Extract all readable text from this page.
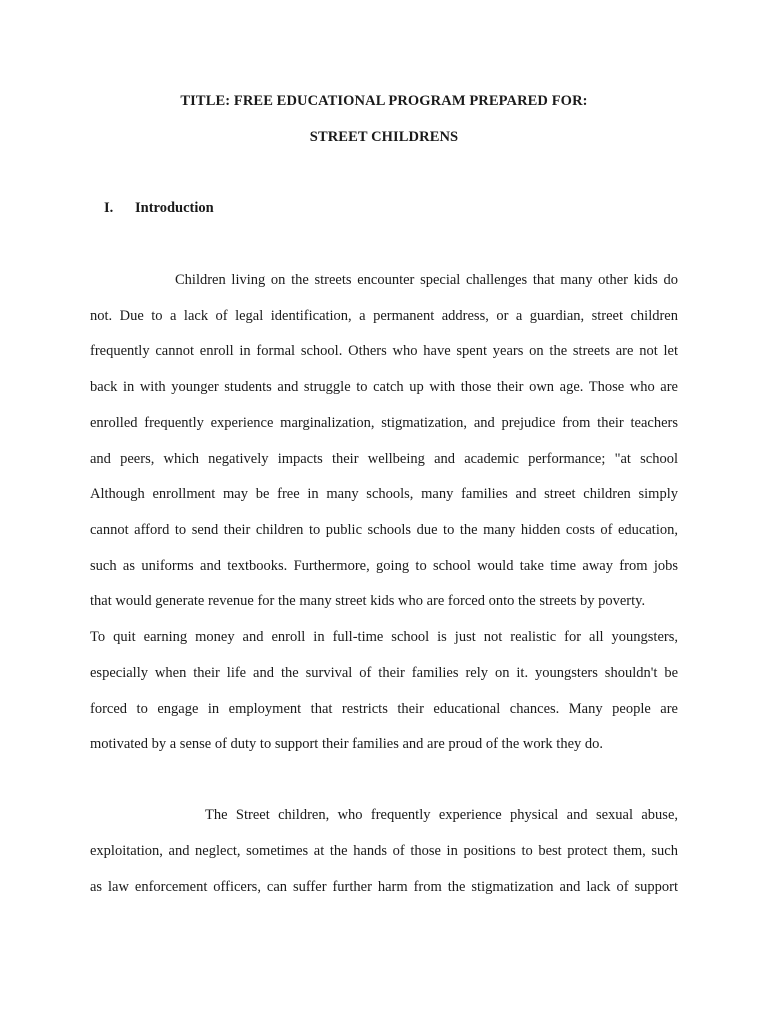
TITLE: FREE EDUCATIONAL PROGRAM PREPARED FOR:
STREET CHILDRENS
I. Introduction
Children living on the streets encounter special challenges that many other kids do
not. Due to a lack of legal identification, a permanent address, or a guardian, street children
frequently cannot enroll in formal school. Others who have spent years on the streets are not let
back in with younger students and struggle to catch up with those their own age. Those who are
enrolled frequently experience marginalization, stigmatization, and prejudice from their teachers
and peers, which negatively impacts their wellbeing and academic performance; "at school
Although enrollment may be free in many schools, many families and street children simply
cannot afford to send their children to public schools due to the many hidden costs of education,
such as uniforms and textbooks. Furthermore, going to school would take time away from jobs
that would generate revenue for the many street kids who are forced onto the streets by poverty.
To quit earning money and enroll in full-time school is just not realistic for all youngsters,
especially when their life and the survival of their families rely on it. youngsters shouldn't be
forced to engage in employment that restricts their educational chances. Many people are
motivated by a sense of duty to support their families and are proud of the work they do.
The Street children, who frequently experience physical and sexual abuse,
exploitation, and neglect, sometimes at the hands of those in positions to best protect them, such
as law enforcement officers, can suffer further harm from the stigmatization and lack of support
